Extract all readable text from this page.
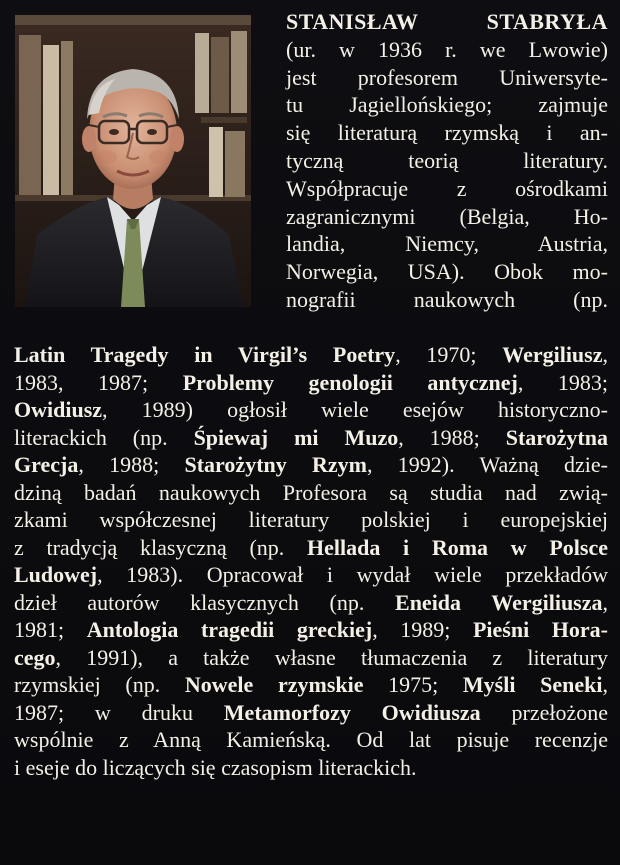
STANISŁAW	STABRYŁA
(ur. w 1936 r. we Lwowie)
jest profesorem Uniwersyte-
tu Jagiellońskiego; zajmuje
się literaturą rzymską i an-
tyczną teorią literatury.
Współpracuje z ośrodkami
zagranicznymi (Belgia, Ho-
landia, Niemcy, Austria,
Norwegia, USA). Obok mo-
nografii naukowych (np.
Latin Tragedy in Virgil’s Poetry, 1970; Wergiliusz,
1983, 1987; Problemy genologii antycznej, 1983;
Owidiusz, 1989) ogłosił wiele esejów historyczno-
literackich (np. Śpiewaj mi Muzo, 1988; Starożytna
Grecja, 1988; Starożytny Rzym, 1992). Ważną dzie-
dziną badań naukowych Profesora są studia nad zwią-
zkami współczesnej literatury polskiej i europejskiej
z tradycją klasyczną (np. Hellada i Roma w Polsce
Ludowej, 1983). Opracował i wydał wiele przekładów
dzieł autorów klasycznych (np. Eneida Wergiliusza,
1981; Antologia tragedii greckiej, 1989; Pieśni Hora-
cego, 1991), a także własne tłumaczenia z literatury
rzymskiej (np. Nowele rzymskie 1975; Myśli Seneki,
1987; w druku Metamorfozy Owidiusza przełożone
wspólnie z Anną Kamieńską. Od lat pisuje recenzje
i eseje do liczących się czasopism literackich.
